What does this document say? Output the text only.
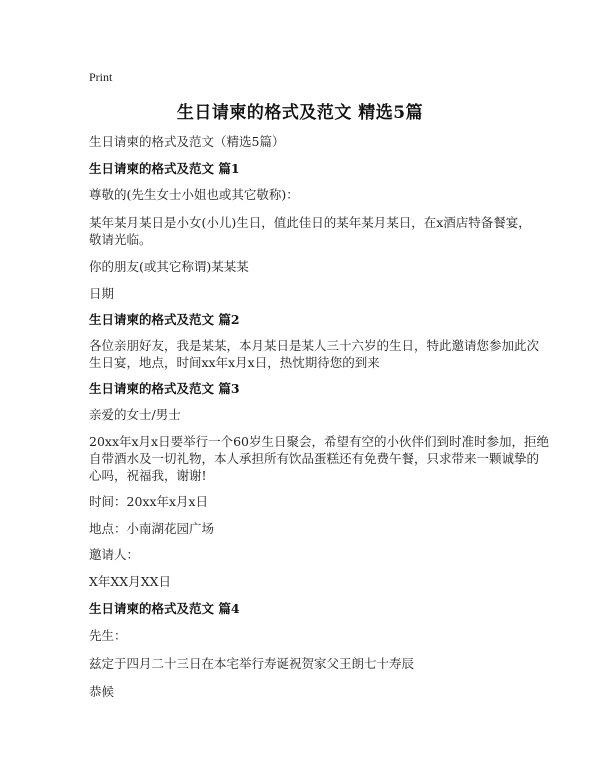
Print
生日请柬的格式及范文 精选5篇
生日请柬的格式及范文（精选5篇）
生日请柬的格式及范文 篇1
尊敬的(先生女士小姐也或其它敬称)：
某年某月某日是小女(小儿)生日，值此佳日的某年某月某日，在x酒店特备餐宴，
敬请光临。
你的朋友(或其它称谓)某某某
日期
生日请柬的格式及范文 篇2
各位亲朋好友，我是某某，本月某日是某人三十六岁的生日，特此邀请您参加此次
生日宴，地点，时间xx年x月x日，热忱期待您的到来
生日请柬的格式及范文 篇3
亲爱的女士/男士
20xx年x月x日要举行一个60岁生日聚会，希望有空的小伙伴们到时准时参加，拒绝
自带酒水及一切礼物，本人承担所有饮品蛋糕还有免费午餐，只求带来一颗诚挚的
心吗，祝福我，谢谢!
时间：20xx年x月x日
地点：小南湖花园广场
邀请人：
X年XX月XX日
生日请柬的格式及范文 篇4
先生：
兹定于四月二十三日在本宅举行寿诞祝贺家父王朗七十寿辰
恭候
